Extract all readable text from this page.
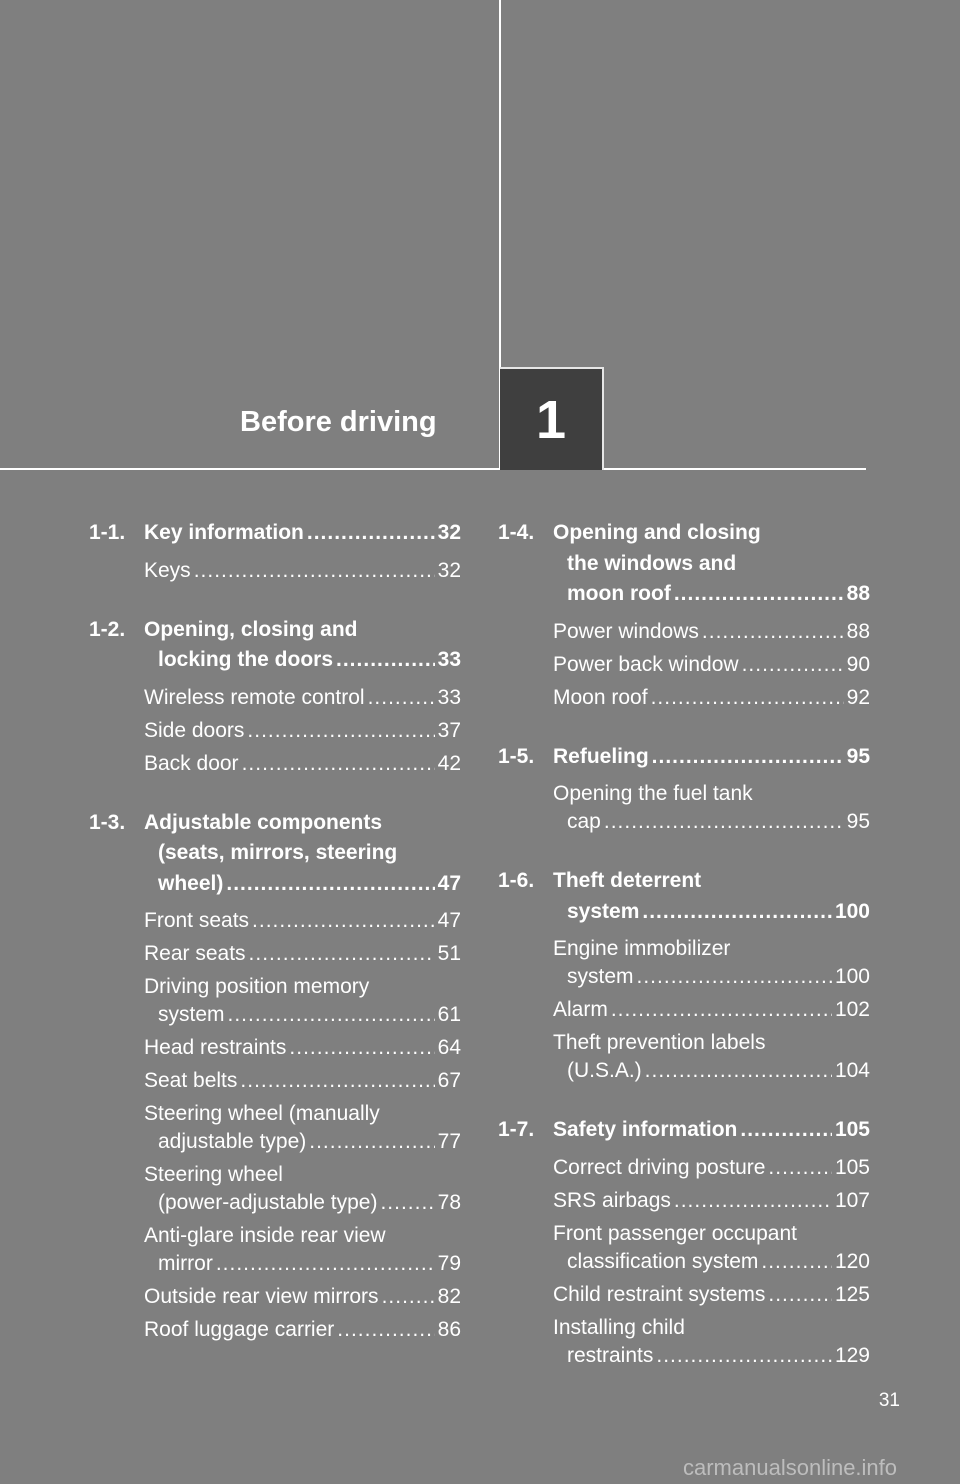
Before driving 1
1-1. Key information .....	32
Keys .....	32
1-2. Opening, closing and
locking the doors .....	33
Wireless remote control .....	33
Side doors .....	37
Back door .....	42
1-3. Adjustable components
(seats, mirrors, steering
wheel) .....	47
Front seats .....	47
Rear seats .....	51
Driving position memory
system .....	61
Head restraints .....	64
Seat belts .....	67
Steering wheel (manually
adjustable type) .....	77
Steering wheel
(power-adjustable type) .....	78
Anti-glare inside rear view
mirror .....	79
Outside rear view mirrors .....	82
Roof luggage carrier .....	86
1-4. Opening and closing
the windows and
moon roof .....	88
Power windows .....	88
Power back window .....	90
Moon roof .....	92
1-5. Refueling .....	95
Opening the fuel tank
cap .....	95
1-6. Theft deterrent
system .....	100
Engine immobilizer
system .....	100
Alarm .....	102
Theft prevention labels
(U.S.A.) .....	104
1-7. Safety information .....	105
Correct driving posture .....	105
SRS airbags .....	107
Front passenger occupant
classification system .....	120
Child restraint systems .....	125
Installing child
restraints .....	129
31
carmanualsonline.info
